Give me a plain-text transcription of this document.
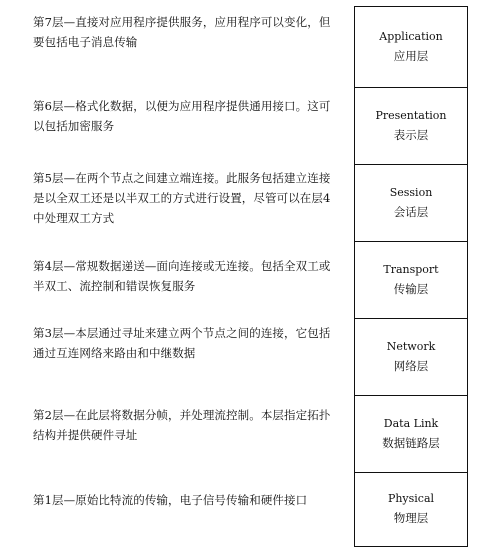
第7层—直接对应用程序提供服务，应用程序可以变化，但要包括电子消息传输
第6层—格式化数据，以便为应用程序提供通用接口。这可以包括加密服务
第5层—在两个节点之间建立端连接。此服务包括建立连接是以全双工还是以半双工的方式进行设置，尽管可以在层4中处理双工方式
第4层—常规数据递送—面向连接或无连接。包括全双工或半双工、流控制和错误恢复服务
第3层—本层通过寻址来建立两个节点之间的连接，它包括通过互连网络来路由和中继数据
第2层—在此层将数据分帧，并处理流控制。本层指定拓扑结构并提供硬件寻址
第1层—原始比特流的传输，电子信号传输和硬件接口
Application
应用层
Presentation
表示层
Session
会话层
Transport
传输层
Network
网络层
Data Link
数据链路层
Physical
物理层
